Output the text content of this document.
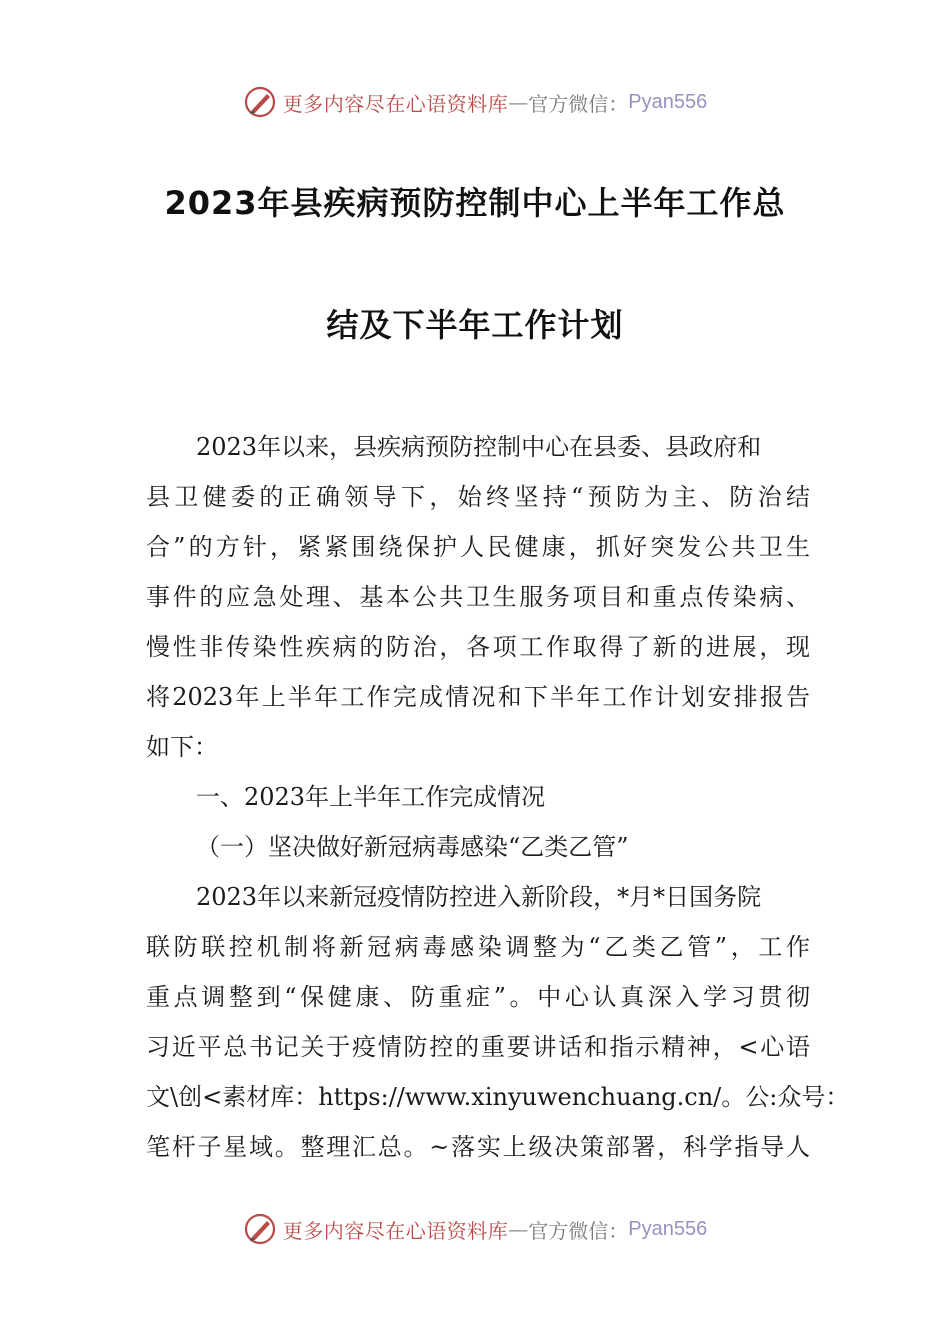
更多内容尽在心语资料库 — 官方微信： Pyan556
2023年县疾病预防控制中心上半年工作总
结及下半年工作计划
2023年以来，县疾病预防控制中心在县委、县政府和
县卫健委的正确领导下，始终坚持“预防为主、防治结
合”的方针，紧紧围绕保护人民健康，抓好突发公共卫生
事件的应急处理、基本公共卫生服务项目和重点传染病、
慢性非传染性疾病的防治，各项工作取得了新的进展，现
将2023年上半年工作完成情况和下半年工作计划安排报告
如下：
一、2023年上半年工作完成情况
（一）坚决做好新冠病毒感染“乙类乙管”
2023年以来新冠疫情防控进入新阶段，*月*日国务院
联防联控机制将新冠病毒感染调整为“乙类乙管”，工作
重点调整到“保健康、防重症”。中心认真深入学习贯彻
习近平总书记关于疫情防控的重要讲话和指示精神，<心语
文\创<素材库：https://www.xinyuwenchuang.cn/。公:众号：
笔杆子星域。整理汇总。~落实上级决策部署，科学指导人
更多内容尽在心语资料库 — 官方微信： Pyan556
